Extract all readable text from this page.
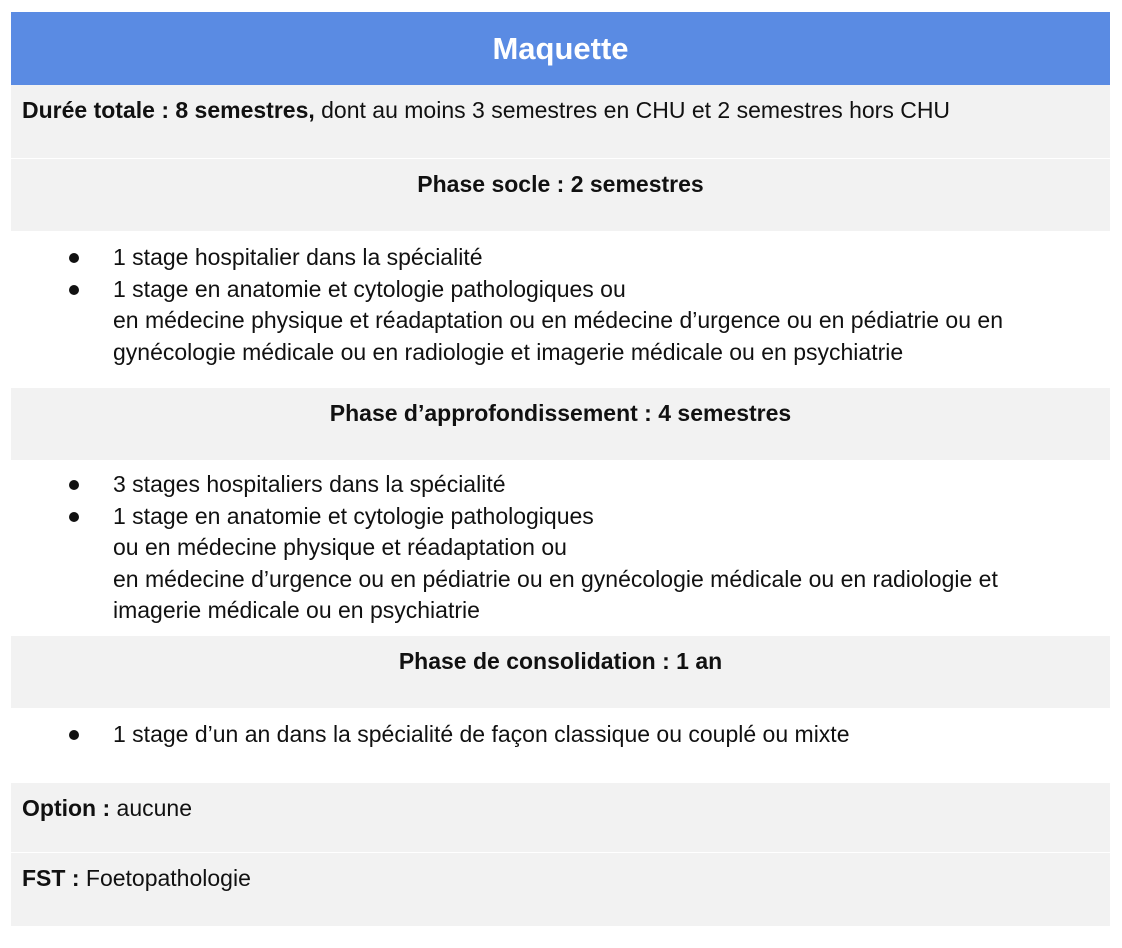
Maquette
Durée totale : 8 semestres, dont au moins 3 semestres en CHU et 2 semestres hors CHU
Phase socle : 2 semestres
1 stage hospitalier dans la spécialité
1 stage en anatomie et cytologie pathologiques ou
en médecine physique et réadaptation ou en médecine d’urgence ou en pédiatrie ou en gynécologie médicale ou en radiologie et imagerie médicale ou en psychiatrie
Phase d’approfondissement : 4 semestres
3 stages hospitaliers dans la spécialité
1 stage en anatomie et cytologie pathologiques
ou en médecine physique et réadaptation ou
en médecine d’urgence ou en pédiatrie ou en gynécologie médicale ou en radiologie et imagerie médicale ou en psychiatrie
Phase de consolidation : 1 an
1 stage d’un an dans la spécialité de façon classique ou couplé ou mixte
Option : aucune
FST : Foetopathologie
